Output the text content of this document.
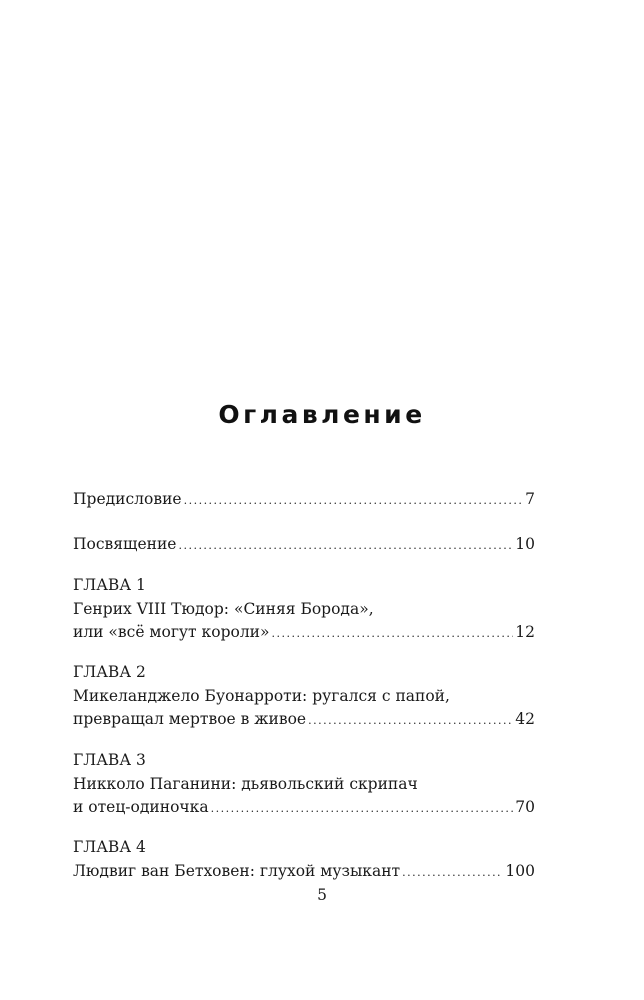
Оглавление
Предисловие .....	7
Посвящение .....	10
ГЛАВА 1
Генрих VIII Тюдор: «Синяя Борода»,
или «всё могут короли» .....	12
ГЛАВА 2
Микеланджело Буонарроти: ругался с папой,
превращал мертвое в живое .....	42
ГЛАВА 3
Никколо Паганини: дьявольский скрипач
и отец-одиночка .....	70
ГЛАВА 4
Людвиг ван Бетховен: глухой музыкант .....	100
5
